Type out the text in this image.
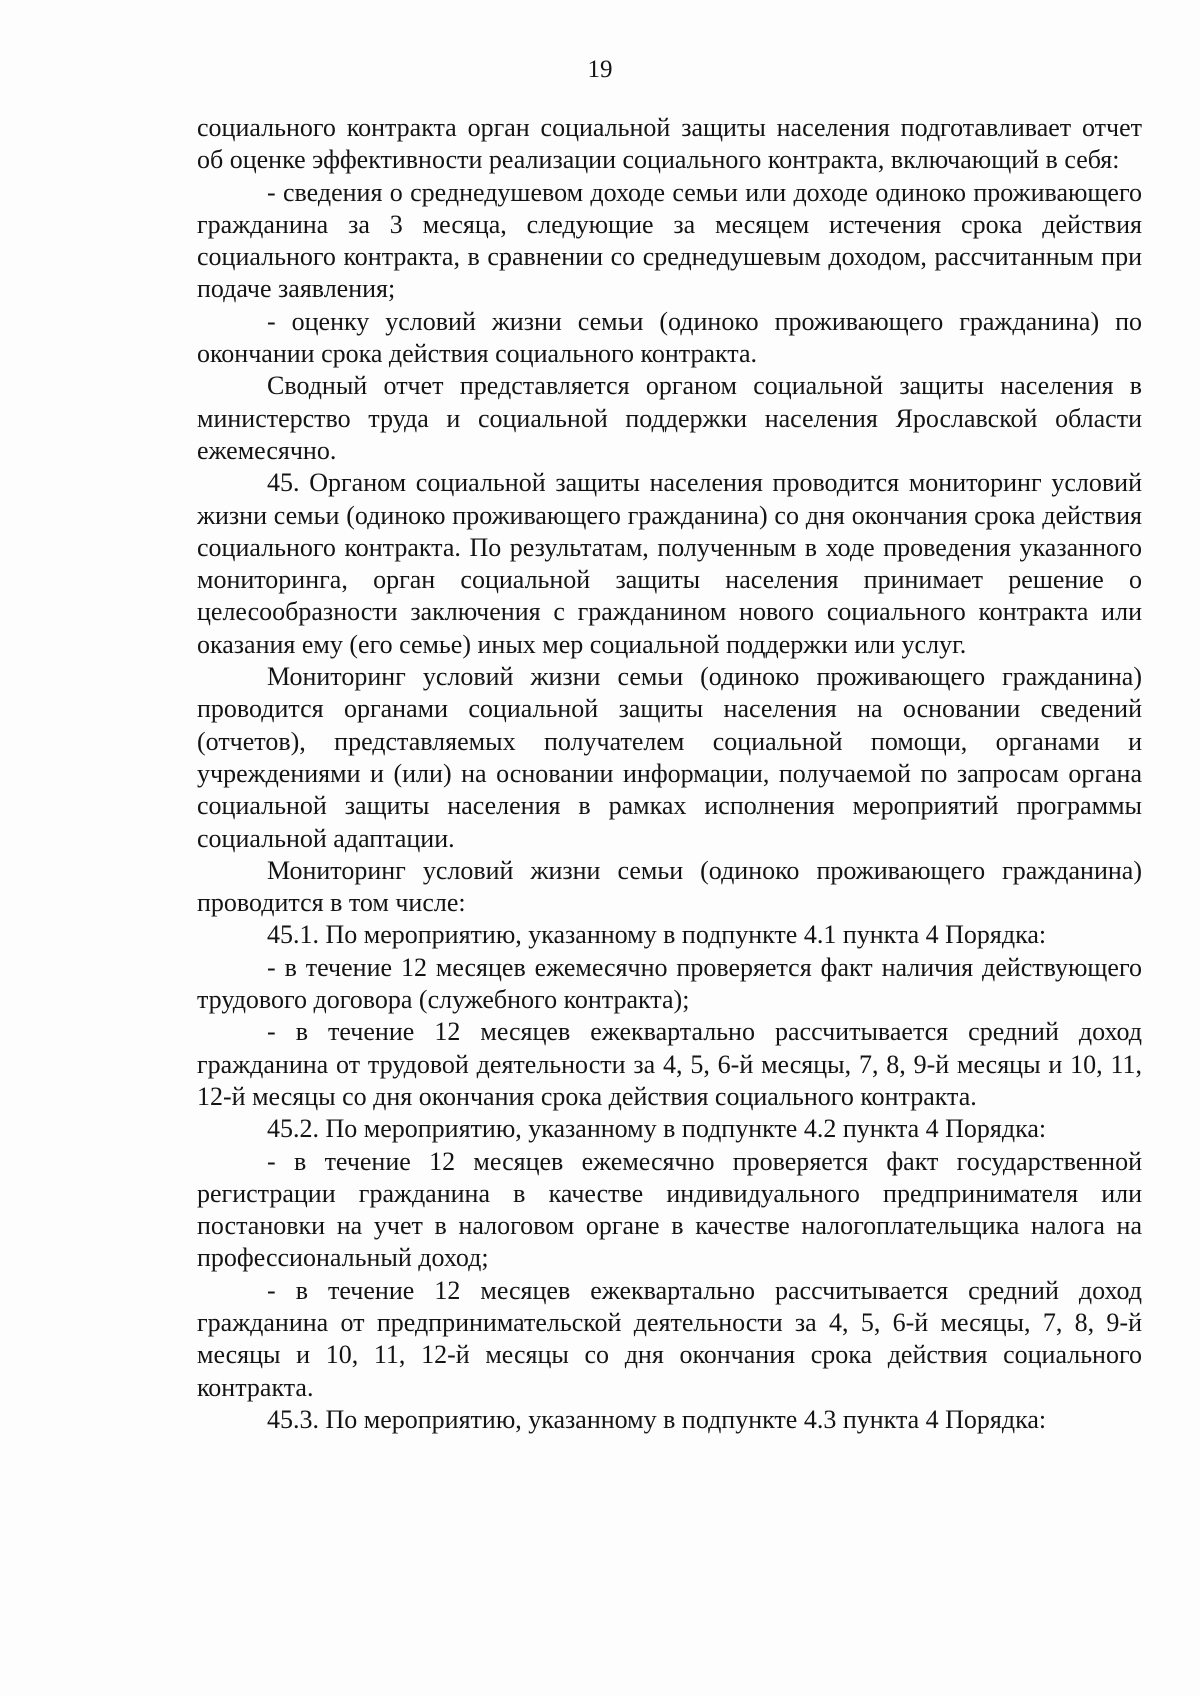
19

социального контракта орган социальной защиты населения подготавливает отчет об оценке эффективности реализации социального контракта, включающий в себя:

- сведения о среднедушевом доходе семьи или доходе одиноко проживающего гражданина за 3 месяца, следующие за месяцем истечения срока действия социального контракта, в сравнении со среднедушевым доходом, рассчитанным при подаче заявления;

- оценку условий жизни семьи (одиноко проживающего гражданина) по окончании срока действия социального контракта.

Сводный отчет представляется органом социальной защиты населения в министерство труда и социальной поддержки населения Ярославской области ежемесячно.

45. Органом социальной защиты населения проводится мониторинг условий жизни семьи (одиноко проживающего гражданина) со дня окончания срока действия социального контракта. По результатам, полученным в ходе проведения указанного мониторинга, орган социальной защиты населения принимает решение о целесообразности заключения с гражданином нового социального контракта или оказания ему (его семье) иных мер социальной поддержки или услуг.

Мониторинг условий жизни семьи (одиноко проживающего гражданина) проводится органами социальной защиты населения на основании сведений (отчетов), представляемых получателем социальной помощи, органами и учреждениями и (или) на основании информации, получаемой по запросам органа социальной защиты населения в рамках исполнения мероприятий программы социальной адаптации.

Мониторинг условий жизни семьи (одиноко проживающего гражданина) проводится в том числе:

45.1. По мероприятию, указанному в подпункте 4.1 пункта 4 Порядка:

- в течение 12 месяцев ежемесячно проверяется факт наличия действующего трудового договора (служебного контракта);

- в течение 12 месяцев ежеквартально рассчитывается средний доход гражданина от трудовой деятельности за 4, 5, 6-й месяцы, 7, 8, 9-й месяцы и 10, 11, 12-й месяцы со дня окончания срока действия социального контракта.

45.2. По мероприятию, указанному в подпункте 4.2 пункта 4 Порядка:

- в течение 12 месяцев ежемесячно проверяется факт государственной регистрации гражданина в качестве индивидуального предпринимателя или постановки на учет в налоговом органе в качестве налогоплательщика налога на профессиональный доход;

- в течение 12 месяцев ежеквартально рассчитывается средний доход гражданина от предпринимательской деятельности за 4, 5, 6-й месяцы, 7, 8, 9-й месяцы и 10, 11, 12-й месяцы со дня окончания срока действия социального контракта.

45.3. По мероприятию, указанному в подпункте 4.3 пункта 4 Порядка:
